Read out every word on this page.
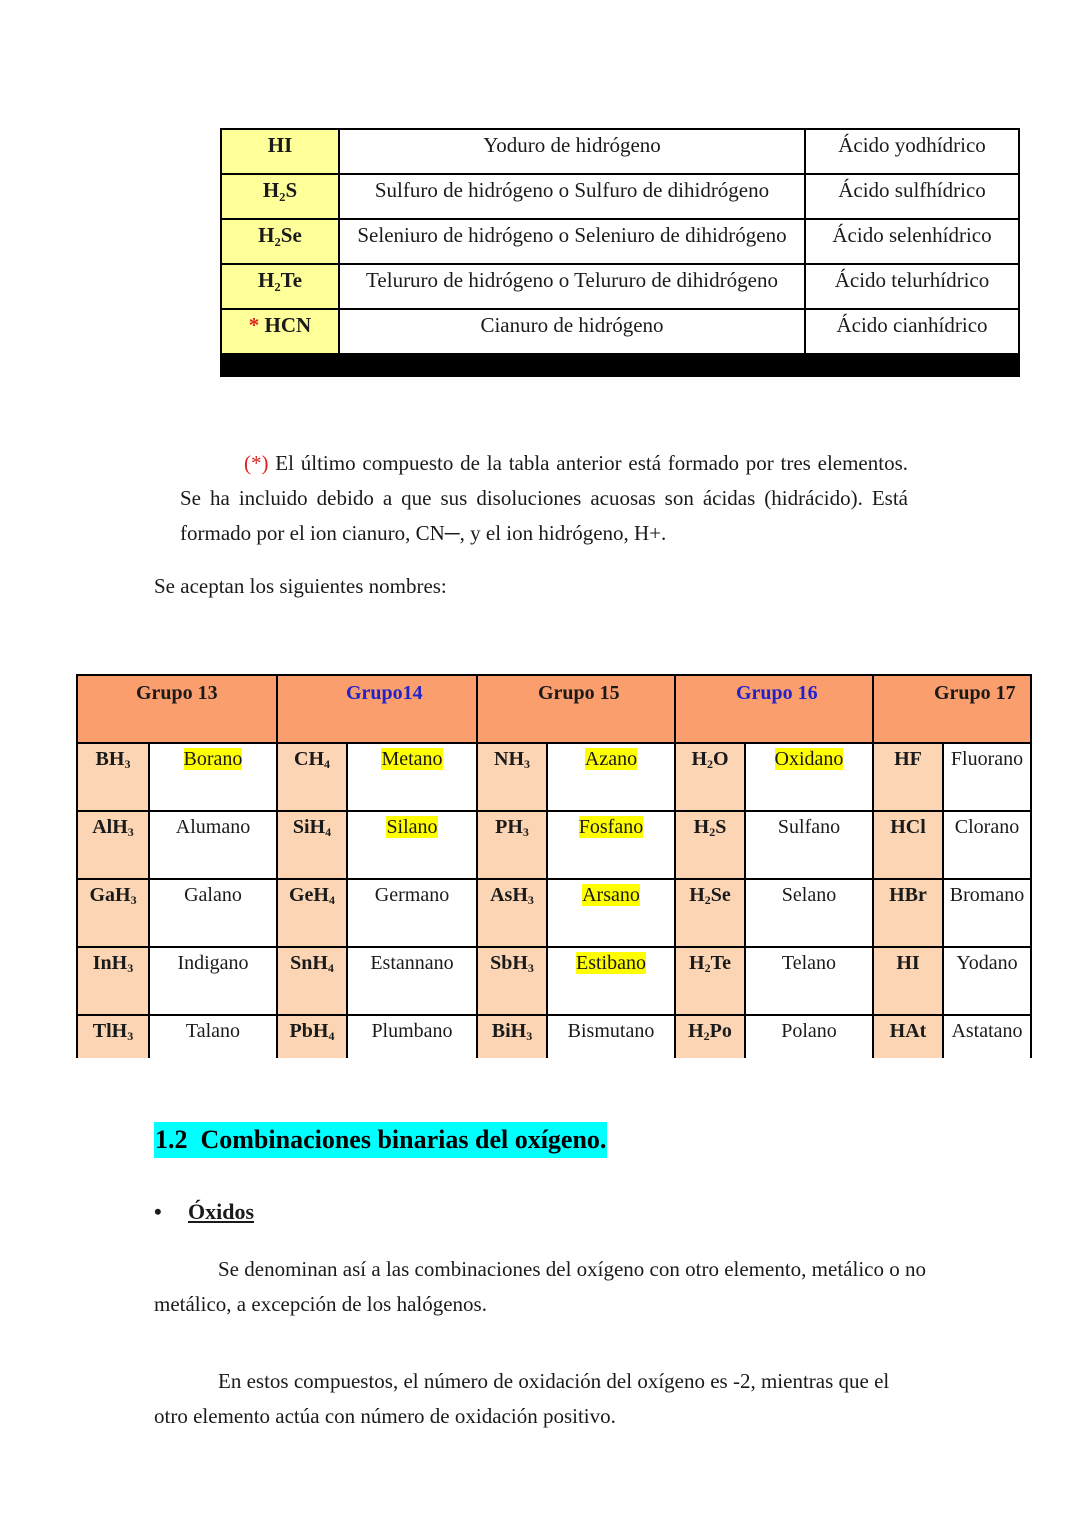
HI	Yoduro de hidrógeno	Ácido yodhídrico
H₂S	Sulfuro de hidrógeno o Sulfuro de dihidrógeno	Ácido sulfhídrico
H₂Se	Seleniuro de hidrógeno o Seleniuro de dihidrógeno	Ácido selenhídrico
H₂Te	Telururo de hidrógeno o Telururo de dihidrógeno	Ácido telurhídrico
* HCN	Cianuro de hidrógeno	Ácido cianhídrico

(*) El último compuesto de la tabla anterior está formado por tres elementos. Se ha incluido debido a que sus disoluciones acuosas son ácidas (hidrácido). Está formado por el ion cianuro, CN─, y el ion hidrógeno, H+.

Se aceptan los siguientes nombres:

Grupo 13		Grupo14		Grupo 15		Grupo 16		Grupo 17	
$BH_3$	Borano	$CH_4$	Metano	$NH_3$	Azano	$H_2O$	Oxidano	HF	Fluorano
AlH$_3$	Alumano	SiH$_4$	Silano	$PH_3$	Fosfano	$H_2S$	Sulfano	HCl	Clorano
GaH$_3$	Galano	GeH$_4$	Germano	AsH$_3$	Arsano	$H_2Se$	Selano	HBr	Bromano
InH$_3$	Indigano	SnH$_4$	Estannano	SbH$_3$	Estibano	$H_2Te$	Telano	HI	Yodano
TlH$_3$	Talano	PbH$_4$	Plumbano	BiH$_3$	Bismutano	$H_2Po$	Polano	HAt	Astatano
1.2 Combinaciones binarias del oxígeno.
• Óxidos

Se denominan así a las combinaciones del oxígeno con otro elemento, metálico o no metálico, a excepción de los halógenos.

En estos compuestos, el número de oxidación del oxígeno es -2, mientras que el otro elemento actúa con número de oxidación positivo.
